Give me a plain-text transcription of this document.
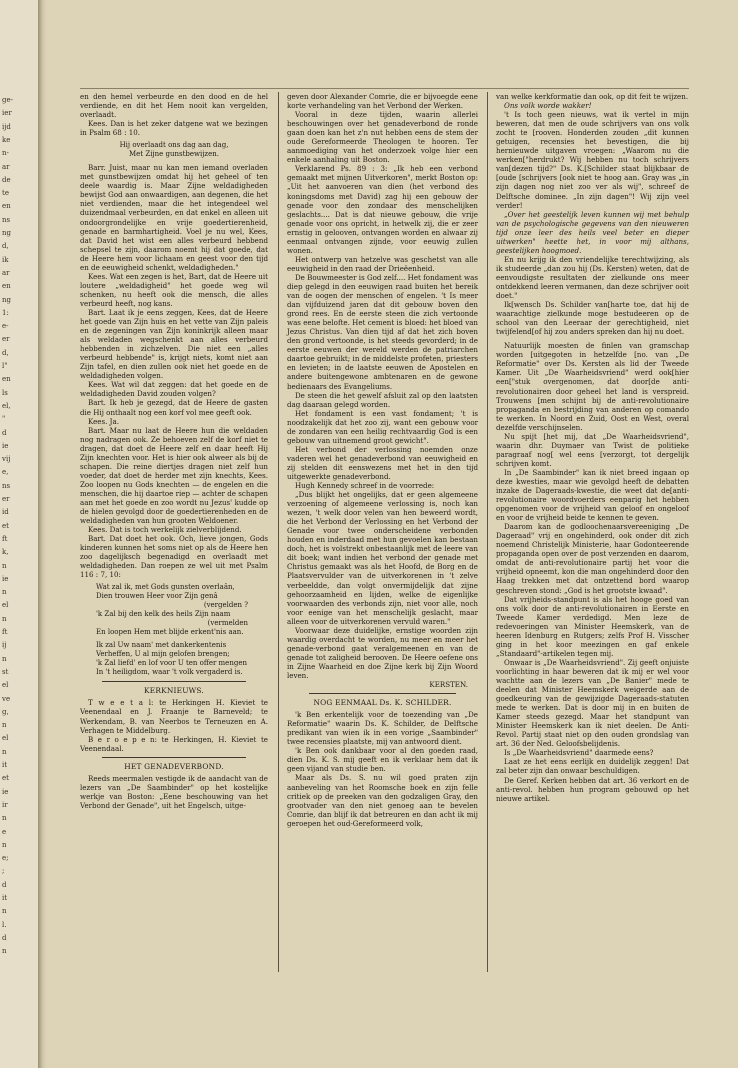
ge-
ier
ijd
ke
n-
ar
de
te
en
ns
ng
d,
ik
ar
en
ng
1:
e-
er
d,
l"
en
ls
el,
"
d
ie
vij
e,
ns
er
id
et
ft
k,
n
ie
n
el
n
ft
ij
n
st
el
ve
g,
n
el
n
it
et
ie
ir
n
e
n
e;
;
d
it
n
l.
d
n

en den hemel verbeurde en den dood en de hel verdiende, en dit het Hem nooit kan vergelden, overlaadt.

Kees. Dan is het zeker datgene wat we bezingen in Psalm 68 : 10.

Hij overlaadt ons dag aan dag,
Met Zijne gunstbewijzen.

Barr. Juist, maar nu kan men iemand overladen met gunstbewijzen omdat hij het geheel of ten deele waardig is. Maar Zijne weldadigheden bewijst God aan onwaardigen, aan degenen, die het niet verdienden, maar die het integendeel wel duizendmaal verbeurden, en dat enkel en alleen uit ondoorgrondelijke en vrije goedertierenheid, genade en barmhartigheid. Voel je nu wel, Kees, dat David het wist een alles verbeurd hebbend schepsel te zijn, daarom noemt hij dat goede, dat de Heere hem voor lichaam en geest voor den tijd en de eeuwigheid schenkt, weldadigheden."

Kees. Wat een zegen is het, Bart, dat de Heere uit loutere „weldadigheid" het goede weg wil schenken, nu heeft ook die mensch, die alles verbeurd heeft, nog kans.

Bart. Laat ik je eens zeggen, Kees, dat de Heere het goede van Zijn huis en het vette van Zijn paleis en de zegeningen van Zijn koninkrijk alleen maar als weldaden wegschenkt aan alles verbeurd hebbenden in zichzelven. Die niet een „alles verbeurd hebbende" is, krijgt niets, komt niet aan Zijn tafel, en dien zullen ook niet het goede en de weldadigheden volgen.

Kees. Wat wil dat zeggen: dat het goede en de weldadigheden David zouden volgen?

Bart. Ik heb je gezegd, dat de Heere de gasten die Hij onthaalt nog een korf vol mee geeft ook.

Kees. Ja.

Bart. Maar nu laat de Heere hun die weldaden nog nadragen ook. Ze behoeven zelf de korf niet te dragen, dat doet de Heere zelf en daar heeft Hij Zijn knechten voor. Het is hier ook alweer als bij de schapen. Die reine diertjes dragen niet zelf hun voeder, dat doet de herder met zijn knechts, Kees. Zoo loopen nu Gods knechten — de engelen en die menschen, die hij daartoe riep — achter de schapen aan met het goede en zoo wordt nu Jezus' kudde op de hielen gevolgd door de goedertierenheden en de weldadigheden van hun grooten Weldoener.

Kees. Dat is toch werkelijk zielverblijdend.

Bart. Dat doet het ook. Och, lieve jongen, Gods kinderen kunnen het soms niet op als de Heere hen zoo dagelijksch begenadigd en overlaadt met weldadigheden. Dan roepen ze wel uit met Psalm 116 : 7, 10:

Wat zal ik, met Gods gunsten overlaân,
Dien trouwen Heer voor Zijn genâ
(vergelden ?
'k Zal bij den kelk des heils Zijn naam
(vermelden
En loopen Hem met blijde erkent'nis aan.
Ik zal Uw naam' met dankerkentenis
Verheffen, U al mijn gelofen brengen;
'k Zal liefd' en lof voor U ten offer mengen
In 't heiligdom, waar 't volk vergaderd is.
KERKNIEUWS.

T w e e t a l: te Herkingen H. Kieviet te Veenendaal en J. Fraanje te Barneveld; te Werkendam, B. van Neerbos te Terneuzen en A. Verhagen te Middelburg.

B e r o e p e n: te Herkingen, H. Kieviet te Veenendaal.

HET GENADEVERBOND.

Reeds meermalen vestigde ik de aandacht van de lezers van „De Saambinder" op het kostelijke werkje van Boston: „Eene beschouwing van het Verbond der Genade", uit het Engelsch, uitge-

geven door Alexander Comrie, die er bijvoegde eene korte verhandeling van het Verbond der Werken.

Vooral in deze tijden, waarin allerlei beschouwingen over het genadeverbond de ronde gaan doen kan het z'n nut hebben eens de stem der oude Gereformeerde Theologen te hooren. Ter aanmoediging van het onderzoek volge hier een enkele aanhaling uit Boston.

Verklarend Ps. 89 : 3: „Ik heb een verbond gemaakt met mijnen Uitverkoren", merkt Boston op: „Uit het aanvoeren van dien (het verbond des koningsdoms met David) zag hij een gebouw der genade voor den zondaar des menschelijken geslachts.... Dat is dat nieuwe gebouw, die vrije genade voor ons opricht, in hetwelk zij, die er zeer ernstig in gelooven, ontvangen worden en alwaar zij eenmaal ontvangen zijnde, voor eeuwig zullen wonen.

Het ontwerp van hetzelve was geschetst van alle eeuwigheid in den raad der Drieëenheid.

De Bouwmeester is God zelf.... Het fondament was diep gelegd in den eeuwigen raad buiten het bereik van de oogen der menschen of engelen. 't Is meer dan vijfduizend jaren dat dit gebouw boven den grond rees. En de eerste steen die zich vertoonde was eene belofte. Het cement is bloed: het bloed van Jezus Christus. Van dien tijd af dat het zich boven den grond vertoonde, is het steeds gevorderd; in de eerste eeuwen der wereld werden de patriarchen daartoe gebruikt; in de middelste profeten, priesters en levieten; in de laatste eeuwen de Apostelen en andere buitengewone ambtenaren en de gewone bedienaars des Evangeliums.

De steen die het gewelf afsluit zal op den laatsten dag daaraan gelegd worden.

Het fondament is een vast fondament; 't is noodzakelijk dat het zoo zij, want een gebouw voor de zondaren van een heilig rechtvaardig God is een gebouw van uitnemend groot gewicht".

Het verbond der verlossing noemden onze vaderen wel het genadeverbond van eeuwigheid en zij stelden dit eenswezens met het in den tijd uitgewerkte genadeverbond.

Hugh Kennedy schreef in de voorrede:

„Dus blijkt het ongelijks, dat er geen algemeene verzoening of algemeene verlossing is, noch kan wezen, 't welk door velen van hen beweerd wordt, die het Verbond der Verlossing en het Verbond der Genade voor twee onderscheidene verbonden houden en inderdaad met hun gevoelen kan bestaan doch, het is volstrekt onbestaanlijk met de leere van dit boek; want indien het verbond der genade met Christus gemaakt was als het Hoofd, de Borg en de Plaatsvervulder van de uitverkorenen in 't zelve verbeeldde, dan volgt onvermijdelijk dat zijne gehoorzaamheid en lijden, welke de eigenlijke voorwaarden des verbonds zijn, niet voor alle, noch voor eenige van het menschelijk geslacht, maar alleen voor de uitverkorenen vervuld waren."

Voorwaar deze duidelijke, ernstige woorden zijn waardig overdacht te worden, nu meer en meer het genade-verbond gaat veralgemeenen en van de genade tot zaligheid berooven. De Heere oefene ons in Zijne Waarheid en doe Zijne kerk bij Zijn Woord leven.

KERSTEN.
NOG EENMAAL Ds. K. SCHILDER.

'k Ben erkentelijk voor de toezending van „De Reformatie" waarin Ds. K. Schilder, de Delftsche predikant van wien ik in een vorige „Saambinder" twee recensies plaatste, mij van antwoord dient.

'k Ben ook dankbaar voor al den goeden raad, dien Ds. K. S. mij geeft en ik verklaar hem dat ik geen vijand van studie ben.

Maar als Ds. S. nu wil goed praten zijn aanbeveling van het Roomsche boek en zijn felle critiek op de preeken van den godzaligen Gray, den grootvader van den niet genoeg aan te bevelen Comrie, dan blijf ik dat betreuren en dan acht ik mij geroepen het oud-Gereformeerd volk,

van welke kerkformatie dan ook, op dit feit te wijzen.

Ons volk worde wakker!

't Is toch geen nieuws, wat ik vertel in mijn beweren, dat men de oude schrijvers van ons volk zocht te [rooven. Honderden zouden „dit kunnen getuigen, recensies het bevestigen, die bij hernieuwde uitgaven vroegen: „Waarom nu die werken["herdrukt? Wij hebben nu toch schrijvers van[dezen tijd?" Ds. K.[Schilder staat blijkbaar de [oude [schrijvers [ook niet te hoog aan. Gray was „in zijn dagen nog niet zoo ver als wij", schreef de Delftsche dominee. „In zijn dagen"! Wij zijn veel verder!

„Over het geestelijk leven kunnen wij met behulp van de psychologische gegevens van den nieuweren tijd onze leer des heils veel beter en dieper uitwerken" heette het, in voor mij althans, geestelijken hoogmoed.

En nu krijg ik den vriendelijke terechtwijzing, als ik studeerde „dan zou hij (Ds. Kersten) weten, dat de eenvoudigste resultaten der zielkunde ons meer ontdekkend leeren vermanen, dan deze schrijver ooit doet."

Ik[wensch Ds. Schilder van[harte toe, dat hij de waarachtige zielkunde moge bestudeeren op de school van den Leeraar der gerechtigheid, niet twijfelend[of hij zou anders spreken dan hij nu doet.

Natuurlijk moesten de finlen van gramschap worden [uitgegoten in hetzelfde [no. van „De Reformatie" over Ds. Kersten als lid der Tweede Kamer. Uit „De Waarheidsvriend" werd ook[hier een["stuk overgenomen, dat door[de anti-revolutionairen door geheel het land is verspreid. Trouwens [men schijnt bij de anti-revolutionaire propaganda en bestrijding van anderen op comando te werken. In Noord en Zuid, Oost en West, overal dezelfde verschijnselen.

Nu spijt [het mij, dat „De Waarheidsvriend", waarin dhr. Duymaer van Twist de politieke paragraaf nog[ wel eens [verzorgt, tot dergelijk schrijven komt.

In „De Saambinder" kan ik niet breed ingaan op deze kwesties, maar wie gevolgd heeft de debatten inzake de Dageraads-kwestie, die weet dat de[anti-revolutionaire woordvoerders eenparig het hebben opgenomen voor de vrijheid van geloof en ongeloof en voor de vrijheid beide te kennen te geven.

Daarom kan de godloochenaarsvereeniging „De Dageraad" vrij en ongehinderd, ook onder dit zich noemend Christelijk Ministerie, haar Godonteerende propaganda open over de post verzenden en daarom, omdat de anti-revolutionaire partij het voor die vrijheid opneemt, kon die man ongehinderd door den Haag trekken met dat ontzettend bord waarop geschreven stond: „God is het grootste kwaad".

Dat vrijheids-standpunt is als het hooge goed van ons volk door de anti-revolutionairen in Eerste en Tweede Kamer verdedigd. Men leze de redevoeringen van Minister Heemskerk, van de heeren Idenburg en Rutgers; zelfs Prof H. Visscher ging in het koor meezingen en gaf enkele „Standaard"-artikelen tegen mij.

Onwaar is „De Waarheidsvriend". Zij geeft onjuiste voorlichting in haar beweren dat ik mij er wel voor wachtte aan de lezers van „De Banier" mede te deelen dat Minister Heemskerk weigerde aan de goedkeuring van de gewijzigde Dageraads-statuten mede te werken. Dat is door mij in en buiten de Kamer steeds gezegd. Maar het standpunt van Minister Heemskerk kan ik niet deelen. De Anti-Revol. Partij staat niet op den ouden grondslag van art. 36 der Ned. Geloofsbelijdenis.

Is „De Waarheidsvriend" daarmede eens?

Laat ze het eens eerlijk en duidelijk zeggen! Dat zal beter zijn dan onwaar beschuldigen.

De Geref. Kerken hebben dat art. 36 verkort en de anti-revol. hebben hun program gebouwd op het nieuwe artikel.
